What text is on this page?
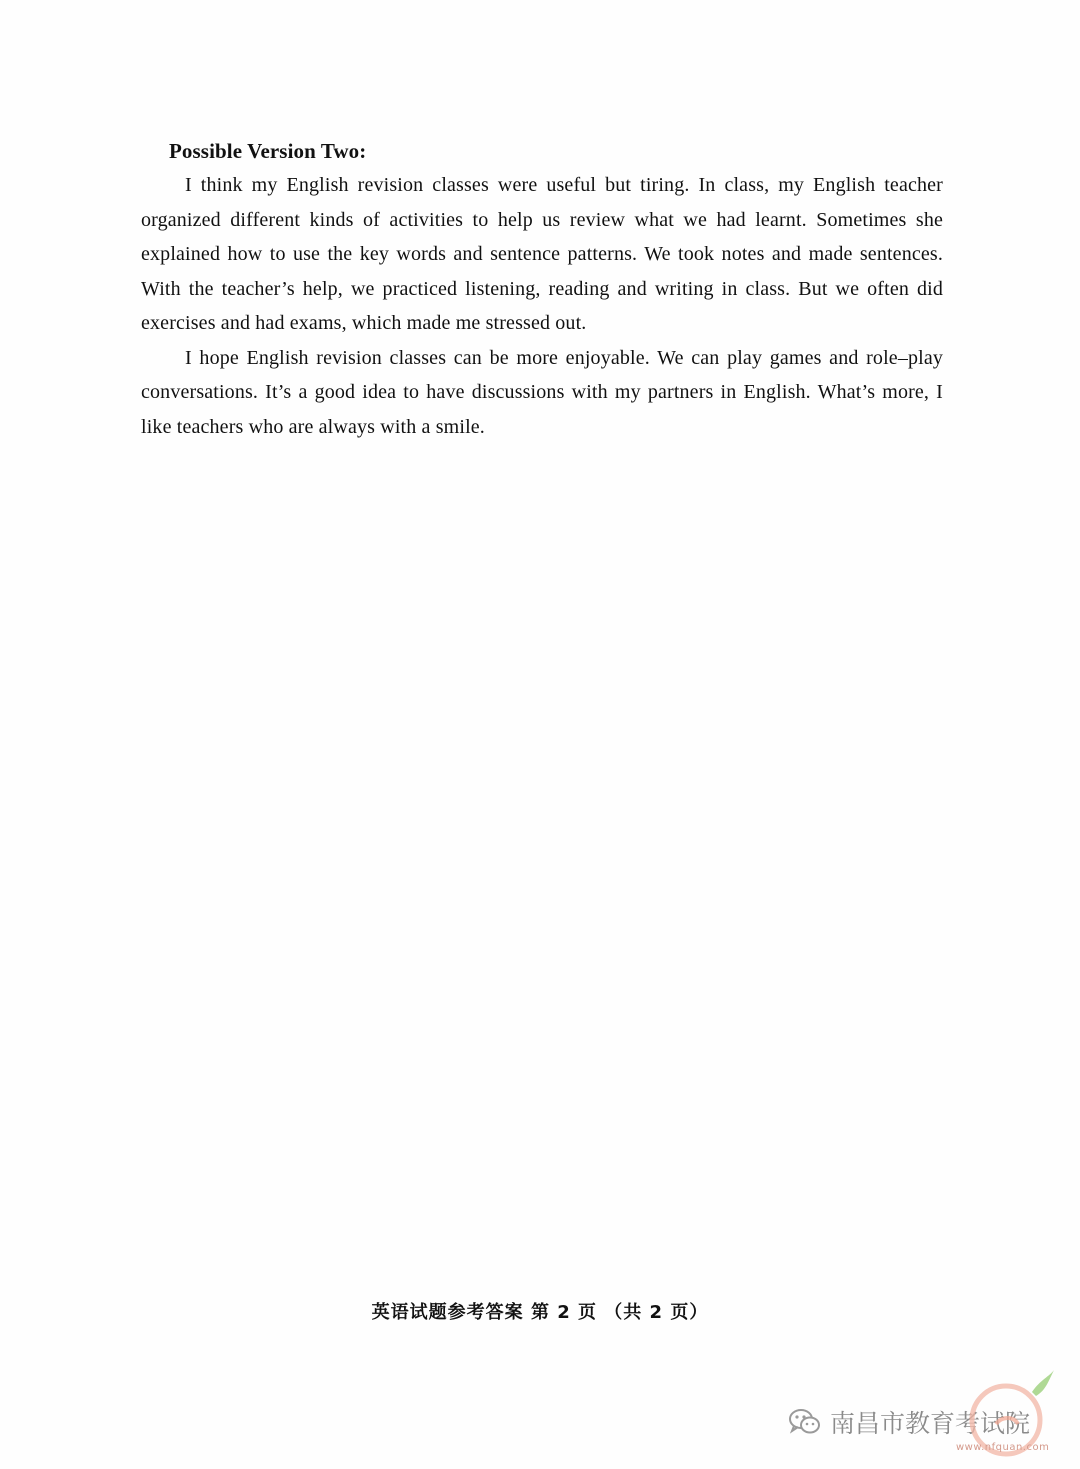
Possible Version Two:

I think my English revision classes were useful but tiring. In class, my English teacher organized different kinds of activities to help us review what we had learnt. Sometimes she explained how to use the key words and sentence patterns. We took notes and made sentences. With the teacher’s help, we practiced listening, reading and writing in class. But we often did exercises and had exams, which made me stressed out.

I hope English revision classes can be more enjoyable. We can play games and role–play conversations. It’s a good idea to have discussions with my partners in English. What’s more, I like teachers who are always with a smile.

英语试题参考答案 第 2 页 （共 2 页）
南昌市教育考试院
www.nfquan.com
